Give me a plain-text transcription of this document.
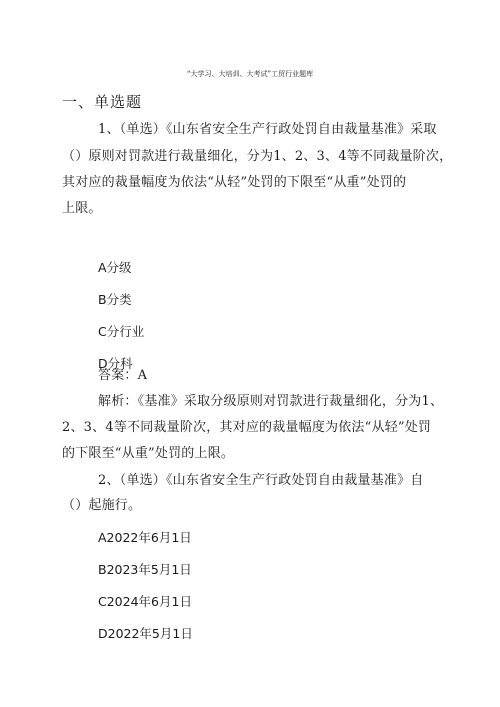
“大学习、大培训、大考试”工贸行业题库
一、单选题
1、（单选）《山东省安全生产行政处罚自由裁量基准》采取
（）原则对罚款进行裁量细化，分为1、2、3、4等不同裁量阶次，
其对应的裁量幅度为依法“从轻”处罚的下限至“从重”处罚的
上限。
A分级
B分类
C分行业
D分科
答案：A
解析：《基准》采取分级原则对罚款进行裁量细化，分为1、
2、3、4等不同裁量阶次，其对应的裁量幅度为依法“从轻”处罚
的下限至“从重”处罚的上限。
2、（单选）《山东省安全生产行政处罚自由裁量基准》自
（）起施行。
A2022年6月1日
B2023年5月1日
C2024年6月1日
D2022年5月1日
